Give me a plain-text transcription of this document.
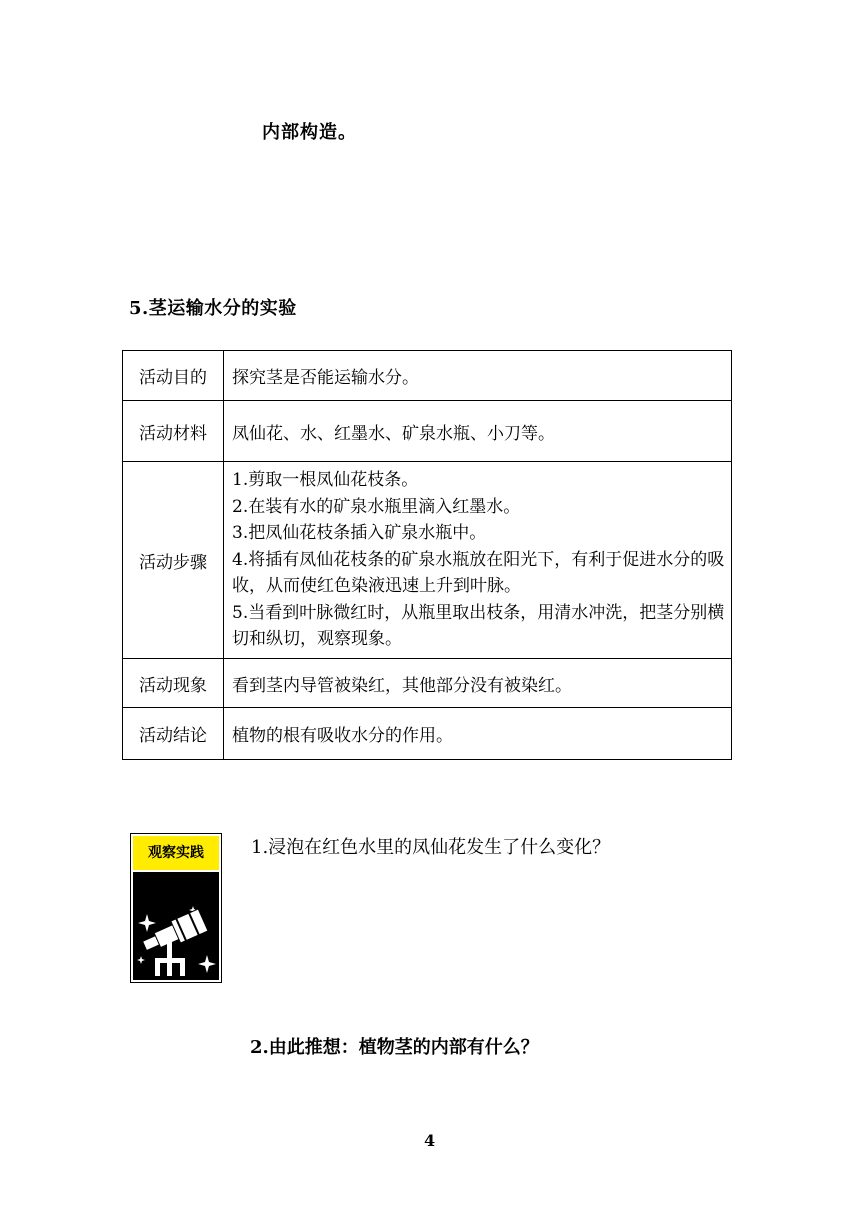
内部构造。
5.茎运输水分的实验
活动目的	探究茎是否能运输水分。
活动材料	凤仙花、水、红墨水、矿泉水瓶、小刀等。
活动步骤	1.剪取一根凤仙花枝条。
2.在装有水的矿泉水瓶里滴入红墨水。
3.把凤仙花枝条插入矿泉水瓶中。
4.将插有凤仙花枝条的矿泉水瓶放在阳光下，有利于促进水分的吸收，从而使红色染液迅速上升到叶脉。
5.当看到叶脉微红时，从瓶里取出枝条，用清水冲洗，把茎分别横切和纵切，观察现象。

活动现象	看到茎内导管被染红，其他部分没有被染红。
活动结论	植物的根有吸收水分的作用。
观察实践	1.浸泡在红色水里的凤仙花发生了什么变化？
2.由此推想：植物茎的内部有什么？
4
